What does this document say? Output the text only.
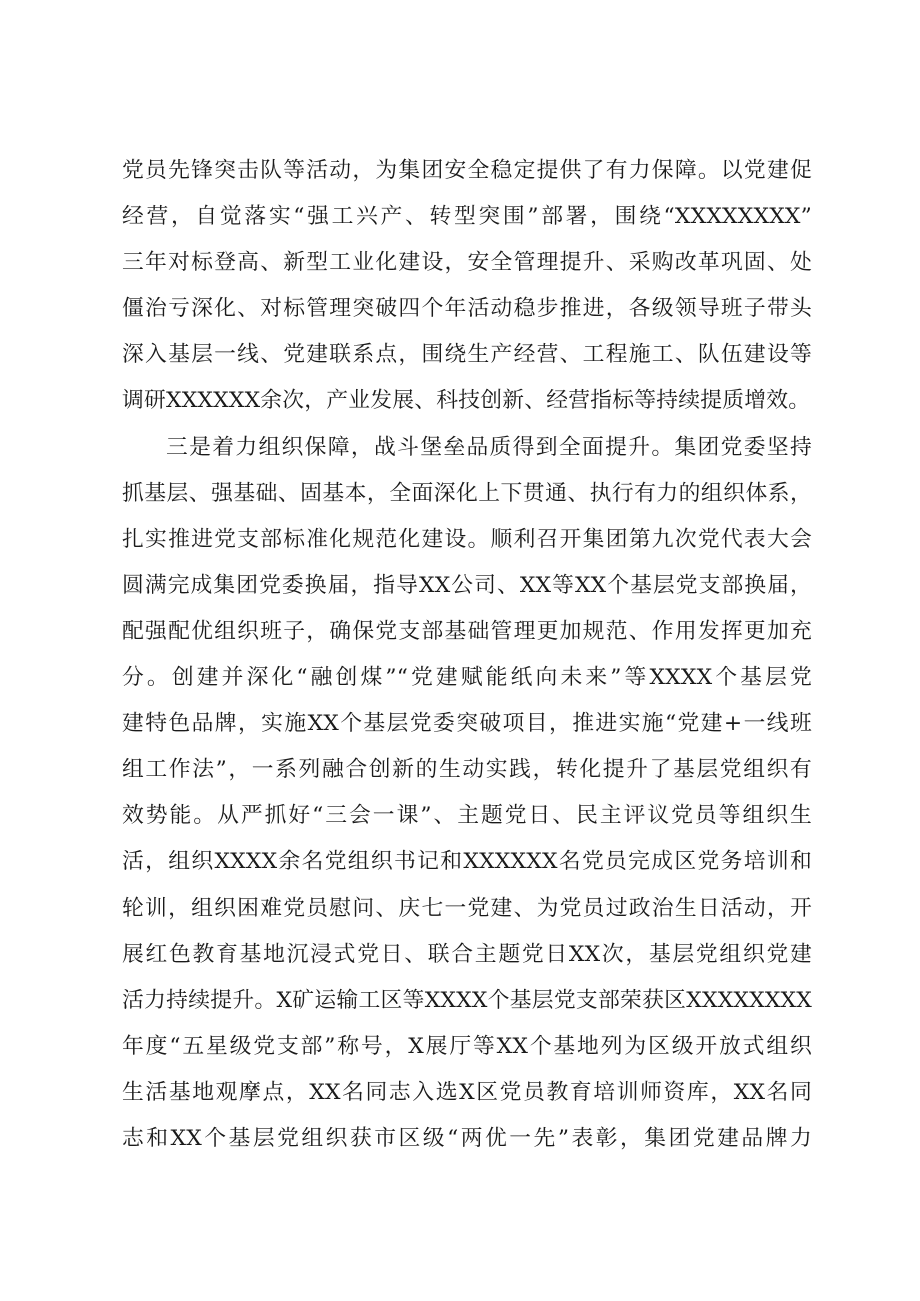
党员先锋突击队等活动，为集团安全稳定提供了有力保障。以党建促
经营，自觉落实“强工兴产、转型突围”部署，围绕“XXXXXXXX”
三年对标登高、新型工业化建设，安全管理提升、采购改革巩固、处
僵治亏深化、对标管理突破四个年活动稳步推进，各级领导班子带头
深入基层一线、党建联系点，围绕生产经营、工程施工、队伍建设等
调研XXXXXX余次，产业发展、科技创新、经营指标等持续提质增效。
三是着力组织保障，战斗堡垒品质得到全面提升。集团党委坚持
抓基层、强基础、固基本，全面深化上下贯通、执行有力的组织体系，
扎实推进党支部标准化规范化建设。顺利召开集团第九次党代表大会
圆满完成集团党委换届，指导XX公司、XX等XX个基层党支部换届，
配强配优组织班子，确保党支部基础管理更加规范、作用发挥更加充
分。创建并深化“融创煤”“党建赋能纸向未来”等XXXX个基层党
建特色品牌，实施XX个基层党委突破项目，推进实施“党建+一线班
组工作法”，一系列融合创新的生动实践，转化提升了基层党组织有
效势能。从严抓好“三会一课”、主题党日、民主评议党员等组织生
活，组织XXXX余名党组织书记和XXXXXX名党员完成区党务培训和
轮训，组织困难党员慰问、庆七一党建、为党员过政治生日活动，开
展红色教育基地沉浸式党日、联合主题党日XX次，基层党组织党建
活力持续提升。X矿运输工区等XXXX个基层党支部荣获区XXXXXXXX
年度“五星级党支部”称号，X展厅等XX个基地列为区级开放式组织
生活基地观摩点，XX名同志入选X区党员教育培训师资库，XX名同
志和XX个基层党组织获市区级“两优一先”表彰，集团党建品牌力
